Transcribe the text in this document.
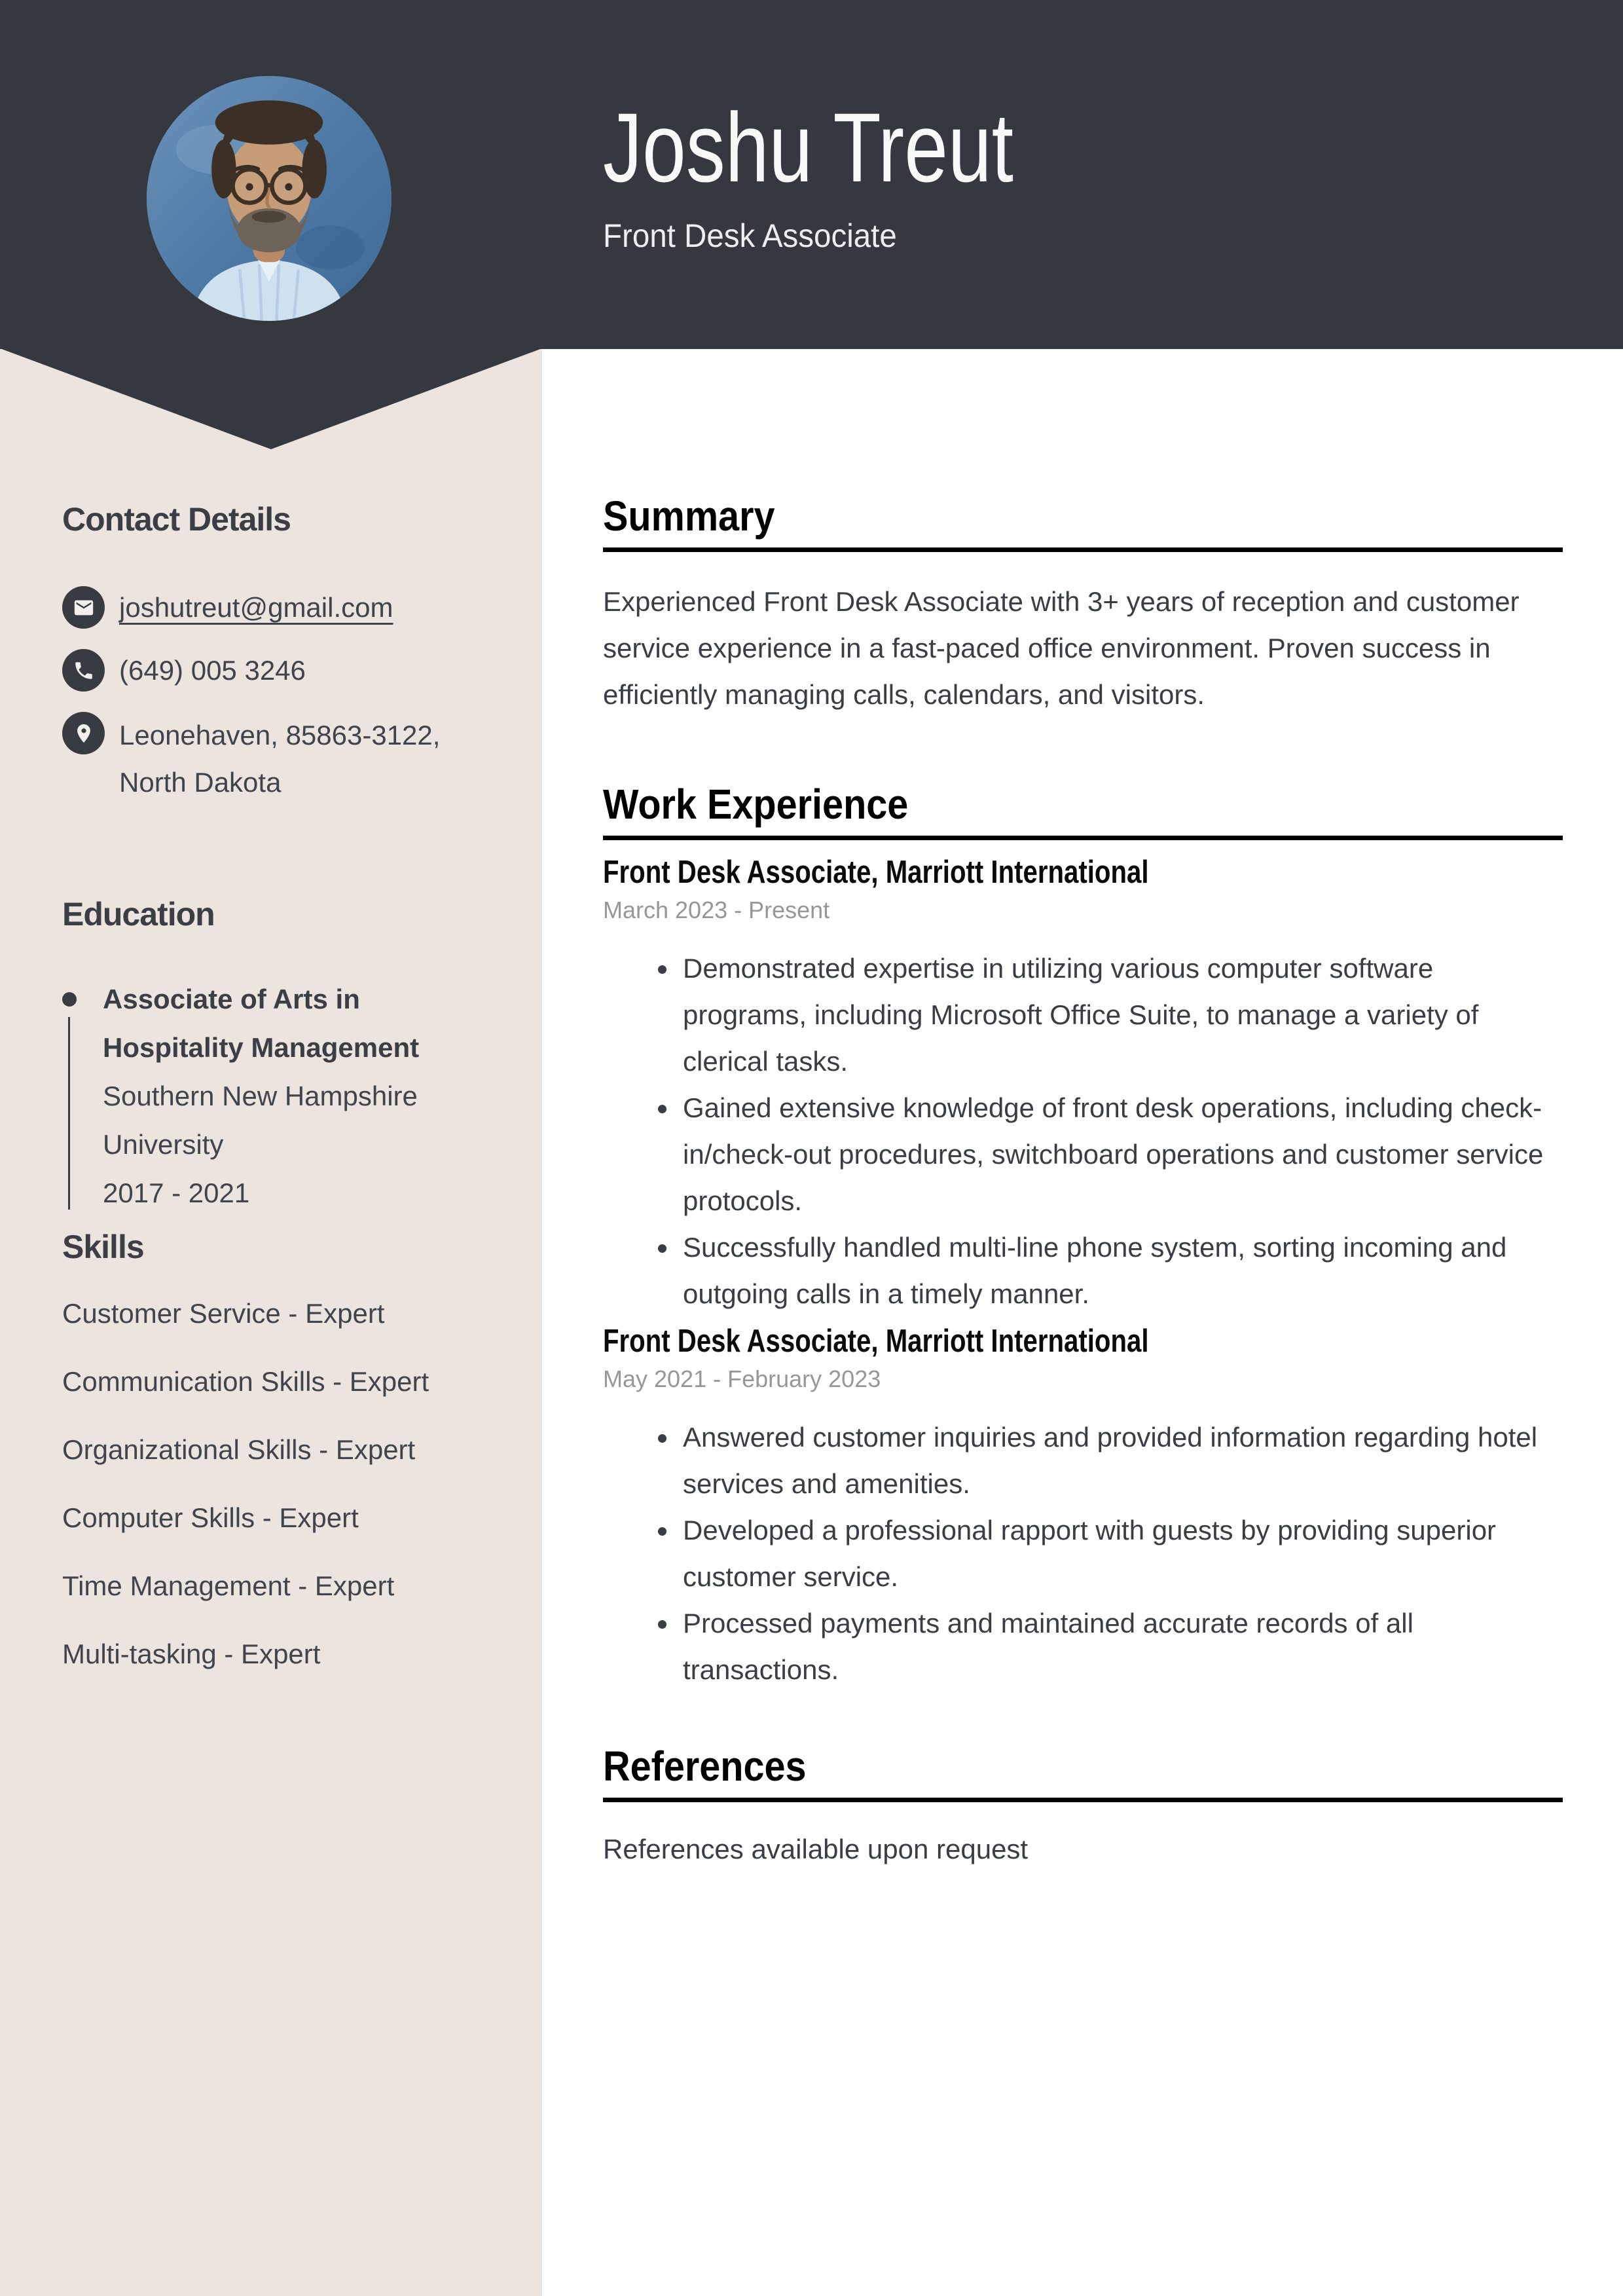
Joshu Treut
Front Desk Associate
Contact Details
joshutreut@gmail.com
(649) 005 3246
Leonehaven, 85863-3122,
North Dakota
Education
Associate of Arts in Hospitality Management
Southern New Hampshire University
2017 - 2021
Skills
Customer Service - Expert
Communication Skills - Expert
Organizational Skills - Expert
Computer Skills - Expert
Time Management - Expert
Multi-tasking - Expert
Summary

Experienced Front Desk Associate with 3+ years of reception and customer service experience in a fast-paced office environment. Proven success in efficiently managing calls, calendars, and visitors.

Work Experience
Front Desk Associate, Marriott International
March 2023 - Present
• Demonstrated expertise in utilizing various computer software programs, including Microsoft Office Suite, to manage a variety of clerical tasks.
• Gained extensive knowledge of front desk operations, including check-in/check-out procedures, switchboard operations and customer service protocols.
• Successfully handled multi-line phone system, sorting incoming and outgoing calls in a timely manner.
Front Desk Associate, Marriott International
May 2021 - February 2023
• Answered customer inquiries and provided information regarding hotel services and amenities.
• Developed a professional rapport with guests by providing superior customer service.
• Processed payments and maintained accurate records of all transactions.
References

References available upon request
